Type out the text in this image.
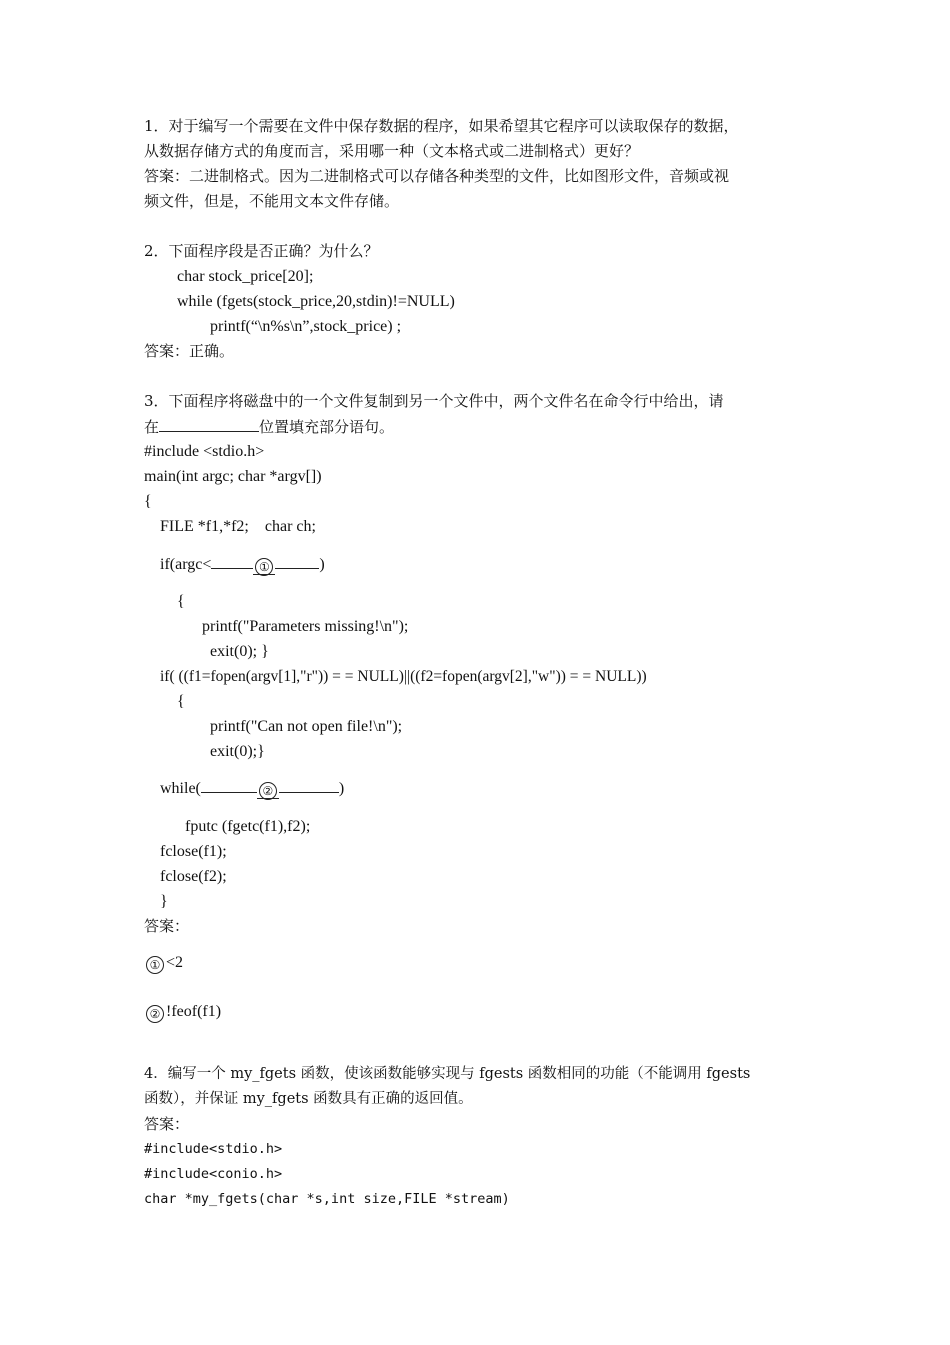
1．对于编写一个需要在文件中保存数据的程序，如果希望其它程序可以读取保存的数据，
从数据存储方式的角度而言，采用哪一种（文本格式或二进制格式）更好？
答案：二进制格式。因为二进制格式可以存储各种类型的文件，比如图形文件，音频或视
频文件，但是，不能用文本文件存储。
2．下面程序段是否正确？为什么？
char stock_price[20];
while (fgets(stock_price,20,stdin)!=NULL)
printf(“\n%s\n”,stock_price) ;
答案：正确。
3．下面程序将磁盘中的一个文件复制到另一个文件中，两个文件名在命令行中给出，请
在	位置填充部分语句。
#include <stdio.h>
main(int argc; char *argv[])
{
FILE *f1,*f2;    char ch;
if(argc<	①	)
{
printf("Parameters missing!\n");
exit(0); }
if( ((f1=fopen(argv[1],"r")) = = NULL)||((f2=fopen(argv[2],"w")) = = NULL))
{
printf("Can not open file!\n");
exit(0);}
while(	②	)
fputc (fgetc(f1),f2);
fclose(f1);
fclose(f2);
}
答案：
① <2
② !feof(f1)
4．编写一个 my_fgets 函数，使该函数能够实现与 fgests 函数相同的功能（不能调用 fgests
函数），并保证 my_fgets 函数具有正确的返回值。
答案：
#include<stdio.h>
#include<conio.h>
char *my_fgets(char *s,int size,FILE *stream)
